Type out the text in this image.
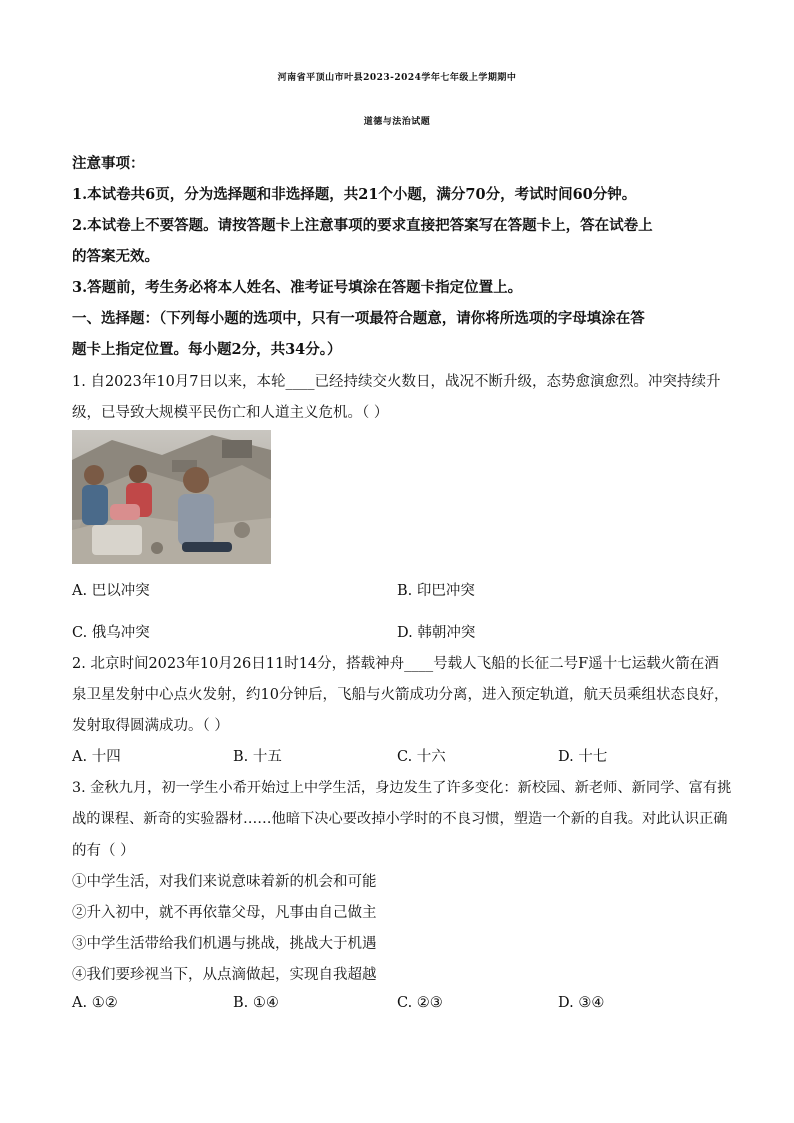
河南省平顶山市叶县2023-2024学年七年级上学期期中
道德与法治试题
注意事项：
1.本试卷共6页，分为选择题和非选择题，共21个小题，满分70分，考试时间60分钟。
2.本试卷上不要答题。请按答题卡上注意事项的要求直接把答案写在答题卡上，答在试卷上
的答案无效。
3.答题前，考生务必将本人姓名、准考证号填涂在答题卡指定位置上。
一、选择题：（下列每小题的选项中，只有一项最符合题意，请你将所选项的字母填涂在答
题卡上指定位置。每小题2分，共34分。）
1. 自2023年10月7日以来，本轮____已经持续交火数日，战况不断升级，态势愈演愈烈。冲突持续升
级，已导致大规模平民伤亡和人道主义危机。（ ）
A. 巴以冲突	B. 印巴冲突
C. 俄乌冲突	D. 韩朝冲突
2. 北京时间2023年10月26日11时14分，搭载神舟____号载人飞船的长征二号F遥十七运载火箭在酒
泉卫星发射中心点火发射，约10分钟后，飞船与火箭成功分离，进入预定轨道，航天员乘组状态良好，
发射取得圆满成功。（ ）
A. 十四	B. 十五	C. 十六	D. 十七
3. 金秋九月，初一学生小希开始过上中学生活，身边发生了许多变化：新校园、新老师、新同学、富有挑
战的课程、新奇的实验器材……他暗下决心要改掉小学时的不良习惯，塑造一个新的自我。对此认识正确
的有（ ）
①中学生活，对我们来说意味着新的机会和可能
②升入初中，就不再依靠父母，凡事由自己做主
③中学生活带给我们机遇与挑战，挑战大于机遇
④我们要珍视当下，从点滴做起，实现自我超越
A. ①②	B. ①④	C. ②③	D. ③④
